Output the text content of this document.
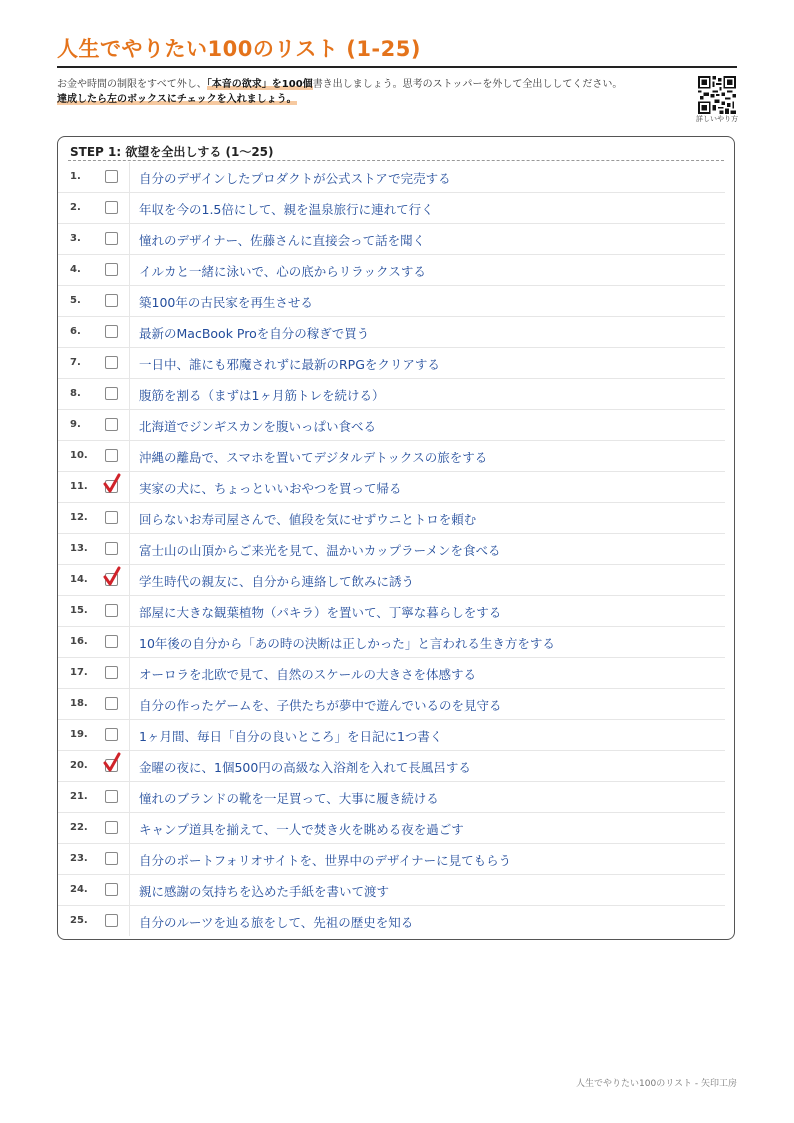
人生でやりたい100のリスト (1-25)
お金や時間の制限をすべて外し、「本音の欲求」を100個書き出しましょう。思考のストッパーを外して全出ししてください。達成したら左のボックスにチェックを入れましょう。
詳しいやり方
STEP 1: 欲望を全出しする (1〜25)
1.	自分のデザインしたプロダクトが公式ストアで完売する
2.	年収を今の1.5倍にして、親を温泉旅行に連れて行く
3.	憧れのデザイナー、佐藤さんに直接会って話を聞く
4.	イルカと一緒に泳いで、心の底からリラックスする
5.	築100年の古民家を再生させる
6.	最新のMacBook Proを自分の稼ぎで買う
7.	一日中、誰にも邪魔されずに最新のRPGをクリアする
8.	腹筋を割る（まずは1ヶ月筋トレを続ける）
9.	北海道でジンギスカンを腹いっぱい食べる
10.	沖縄の離島で、スマホを置いてデジタルデトックスの旅をする
11.	実家の犬に、ちょっといいおやつを買って帰る
12.	回らないお寿司屋さんで、値段を気にせずウニとトロを頼む
13.	富士山の山頂からご来光を見て、温かいカップラーメンを食べる
14.	学生時代の親友に、自分から連絡して飲みに誘う
15.	部屋に大きな観葉植物（パキラ）を置いて、丁寧な暮らしをする
16.	10年後の自分から「あの時の決断は正しかった」と言われる生き方をする
17.	オーロラを北欧で見て、自然のスケールの大きさを体感する
18.	自分の作ったゲームを、子供たちが夢中で遊んでいるのを見守る
19.	1ヶ月間、毎日「自分の良いところ」を日記に1つ書く
20.	金曜の夜に、1個500円の高級な入浴剤を入れて長風呂する
21.	憧れのブランドの靴を一足買って、大事に履き続ける
22.	キャンプ道具を揃えて、一人で焚き火を眺める夜を過ごす
23.	自分のポートフォリオサイトを、世界中のデザイナーに見てもらう
24.	親に感謝の気持ちを込めた手紙を書いて渡す
25.	自分のルーツを辿る旅をして、先祖の歴史を知る
人生でやりたい100のリスト - 矢印工房
